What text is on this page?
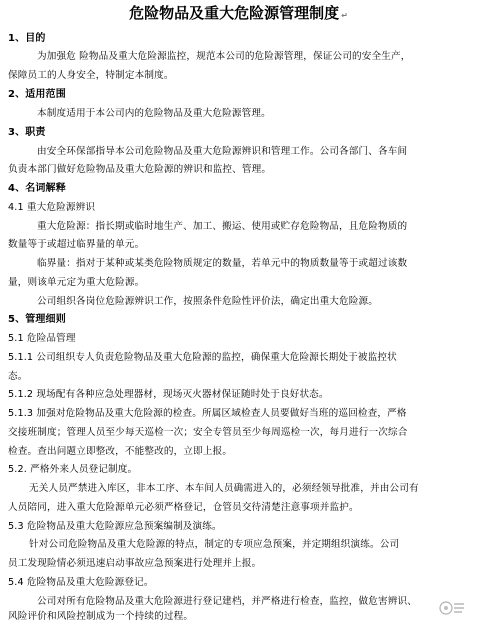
危险物品及重大危险源管理制度 ↵
1、目的
为加强危 险物品及重大危险源监控，规范本公司的危险源管理，保证公司的安全生产，
保障员工的人身安全，特制定本制度。
2、适用范围
本制度适用于本公司内的危险物品及重大危险源管理。
3、职责
由安全环保部指导本公司危险物品及重大危险源辨识和管理工作。公司各部门、各车间
负责本部门做好危险物品及重大危险源的辨识和监控、管理。
4、名词解释
4.1 重大危险源辨识
重大危险源：指长期或临时地生产、加工、搬运、使用或贮存危险物品，且危险物质的
数量等于或超过临界量的单元。
临界量：指对于某种或某类危险物质规定的数量，若单元中的物质数量等于或超过该数
量，则该单元定为重大危险源。
公司组织各岗位危险源辨识工作，按照条件危险性评价法，确定出重大危险源。
5、管理细则
5.1 危险品管理
5.1.1 公司组织专人负责危险物品及重大危险源的监控，确保重大危险源长期处于被监控状
态。
5.1.2 现场配有各种应急处理器材，现场灭火器材保证随时处于良好状态。
5.1.3 加强对危险物品及重大危险源的检查。所属区域检查人员要做好当班的巡回检查，严格
交接班制度；管理人员至少每天巡检一次；安全专管员至少每周巡检一次，每月进行一次综合
检查。查出问题立即整改，不能整改的，立即上报。
5.2. 严格外来人员登记制度。
无关人员严禁进入库区，非本工序、本车间人员确需进入的，必须经领导批准，并由公司有
人员陪同，进入重大危险源单元必须严格登记，仓管员交待清楚注意事项并监护。
5.3 危险物品及重大危险源应急预案编制及演练。
针对公司危险物品及重大危险源的特点，制定的专项应急预案，并定期组织演练。公司
员工发现险情必须迅速启动事故应急预案进行处理并上报。
5.4 危险物品及重大危险源登记。
公司对所有危险物品及重大危险源进行登记建档，并严格进行检查，监控，做危害辨识、
风险评价和风险控制成为一个持续的过程。
